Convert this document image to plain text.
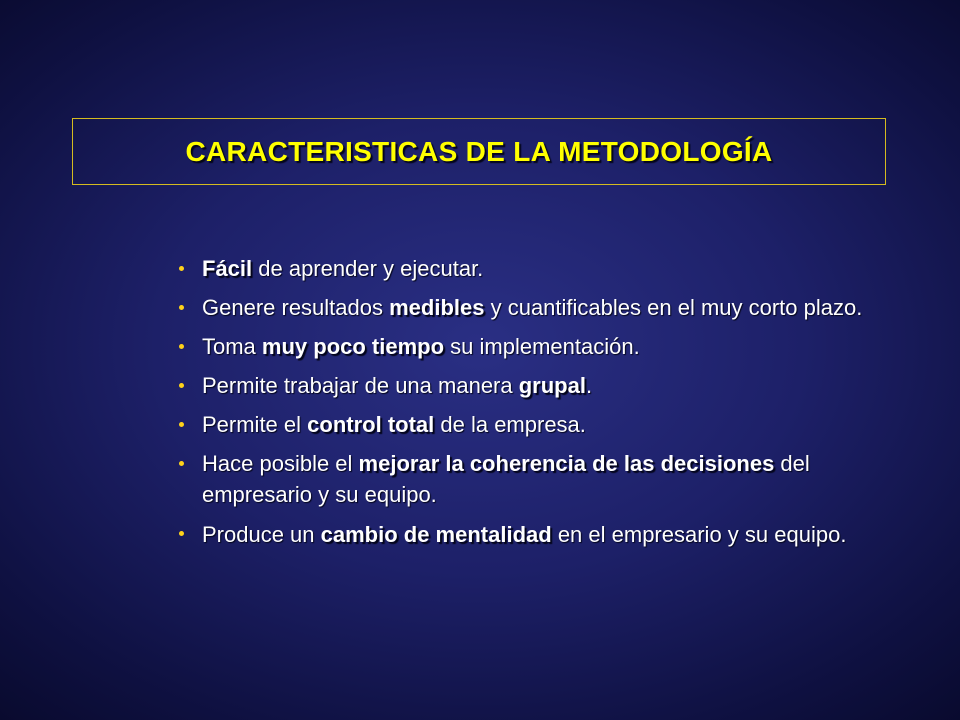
CARACTERISTICAS DE LA METODOLOGÍA
Fácil de aprender y ejecutar.
Genere resultados medibles y cuantificables en el muy corto plazo.
Toma muy poco tiempo su implementación.
Permite trabajar de una manera grupal.
Permite el control total de la empresa.
Hace posible el mejorar la coherencia de las decisiones del empresario y su equipo.
Produce un cambio de mentalidad en el empresario y su equipo.
